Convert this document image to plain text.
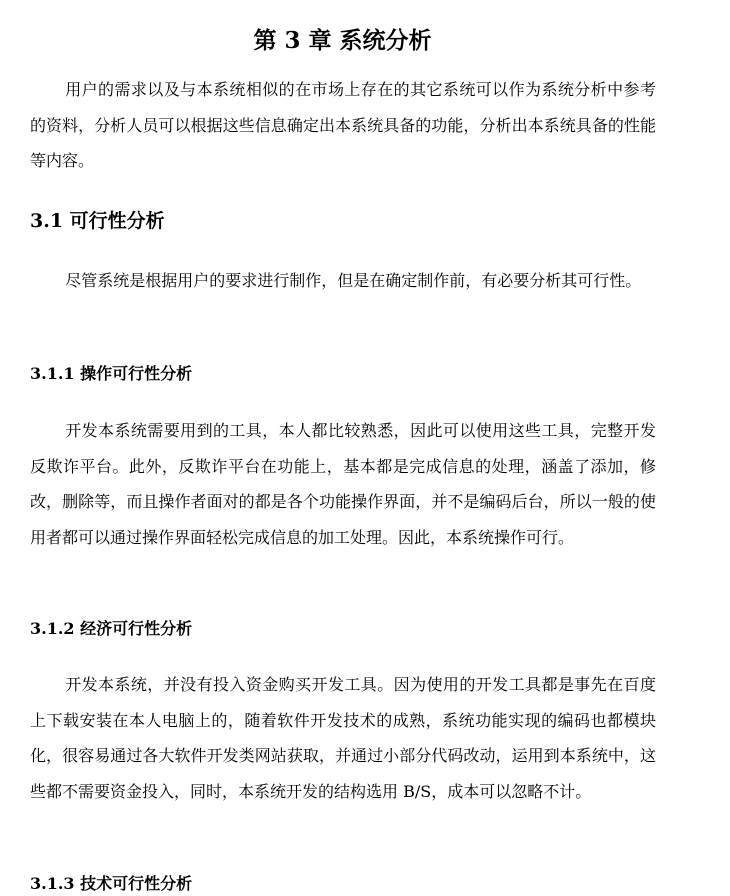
第 3 章 系统分析

用户的需求以及与本系统相似的在市场上存在的其它系统可以作为系统分析中参考的资料，分析人员可以根据这些信息确定出本系统具备的功能，分析出本系统具备的性能等内容。

3.1 可行性分析

尽管系统是根据用户的要求进行制作，但是在确定制作前，有必要分析其可行性。

3.1.1 操作可行性分析

开发本系统需要用到的工具，本人都比较熟悉，因此可以使用这些工具，完整开发反欺诈平台。此外，反欺诈平台在功能上，基本都是完成信息的处理，涵盖了添加，修改，删除等，而且操作者面对的都是各个功能操作界面，并不是编码后台，所以一般的使用者都可以通过操作界面轻松完成信息的加工处理。因此，本系统操作可行。

3.1.2 经济可行性分析

开发本系统，并没有投入资金购买开发工具。因为使用的开发工具都是事先在百度上下载安装在本人电脑上的，随着软件开发技术的成熟，系统功能实现的编码也都模块化，很容易通过各大软件开发类网站获取，并通过小部分代码改动，运用到本系统中，这些都不需要资金投入，同时，本系统开发的结构选用 B/S，成本可以忽略不计。

3.1.3 技术可行性分析
